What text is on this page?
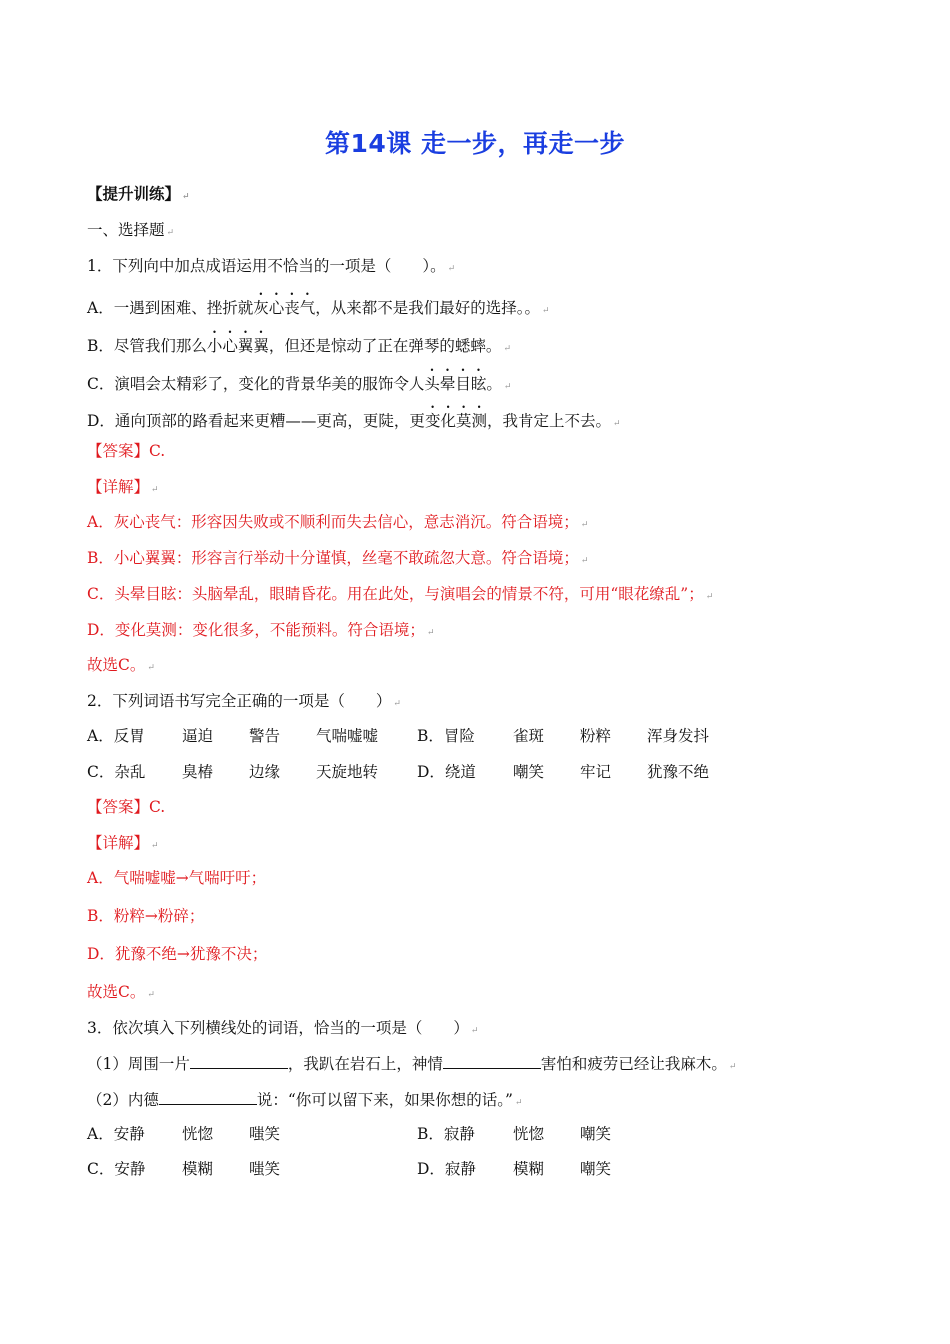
第14课 走一步，再走一步
【提升训练】 ↵
一、选择题 ↵
1．下列向中加点成语运用不恰当的一项是（　　）。 ↵
A．一遇到困难、挫折就灰心丧气，从来都不是我们最好的选择。。 ↵
B．尽管我们那么小心翼翼，但还是惊动了正在弹琴的蟋蟀。 ↵
C．演唱会太精彩了，变化的背景华美的服饰令人头晕目眩。 ↵
D．通向顶部的路看起来更糟——更高，更陡，更变化莫测，我肯定上不去。 ↵
【答案】C.
【详解】 ↵
A．灰心丧气：形容因失败或不顺利而失去信心，意志消沉。符合语境； ↵
B．小心翼翼：形容言行举动十分谨慎，丝毫不敢疏忽大意。符合语境； ↵
C．头晕目眩：头脑晕乱，眼睛昏花。用在此处，与演唱会的情景不符，可用“眼花缭乱”； ↵
D．变化莫测：变化很多，不能预料。符合语境； ↵
故选C。 ↵
2．下列词语书写完全正确的一项是（　　） ↵
A．反胃 逼迫 警告 气喘嘘嘘	B．冒险 雀斑 粉粹 浑身发抖
C．杂乱 臭椿 边缘 天旋地转	D．绕道 嘲笑 牢记 犹豫不绝
【答案】C.
【详解】 ↵
A．气喘嘘嘘→气喘吁吁；
B．粉粹→粉碎；
D．犹豫不绝→犹豫不决；
故选C。 ↵
3．依次填入下列横线处的词语，恰当的一项是（　　） ↵
（1）周围一片	，我趴在岩石上，神情	害怕和疲劳已经让我麻木。 ↵
（2）内德	说：“你可以留下来，如果你想的话。” ↵
A．安静 恍惚 嗤笑	B．寂静 恍惚 嘲笑
C．安静 模糊 嗤笑	D．寂静 模糊 嘲笑
